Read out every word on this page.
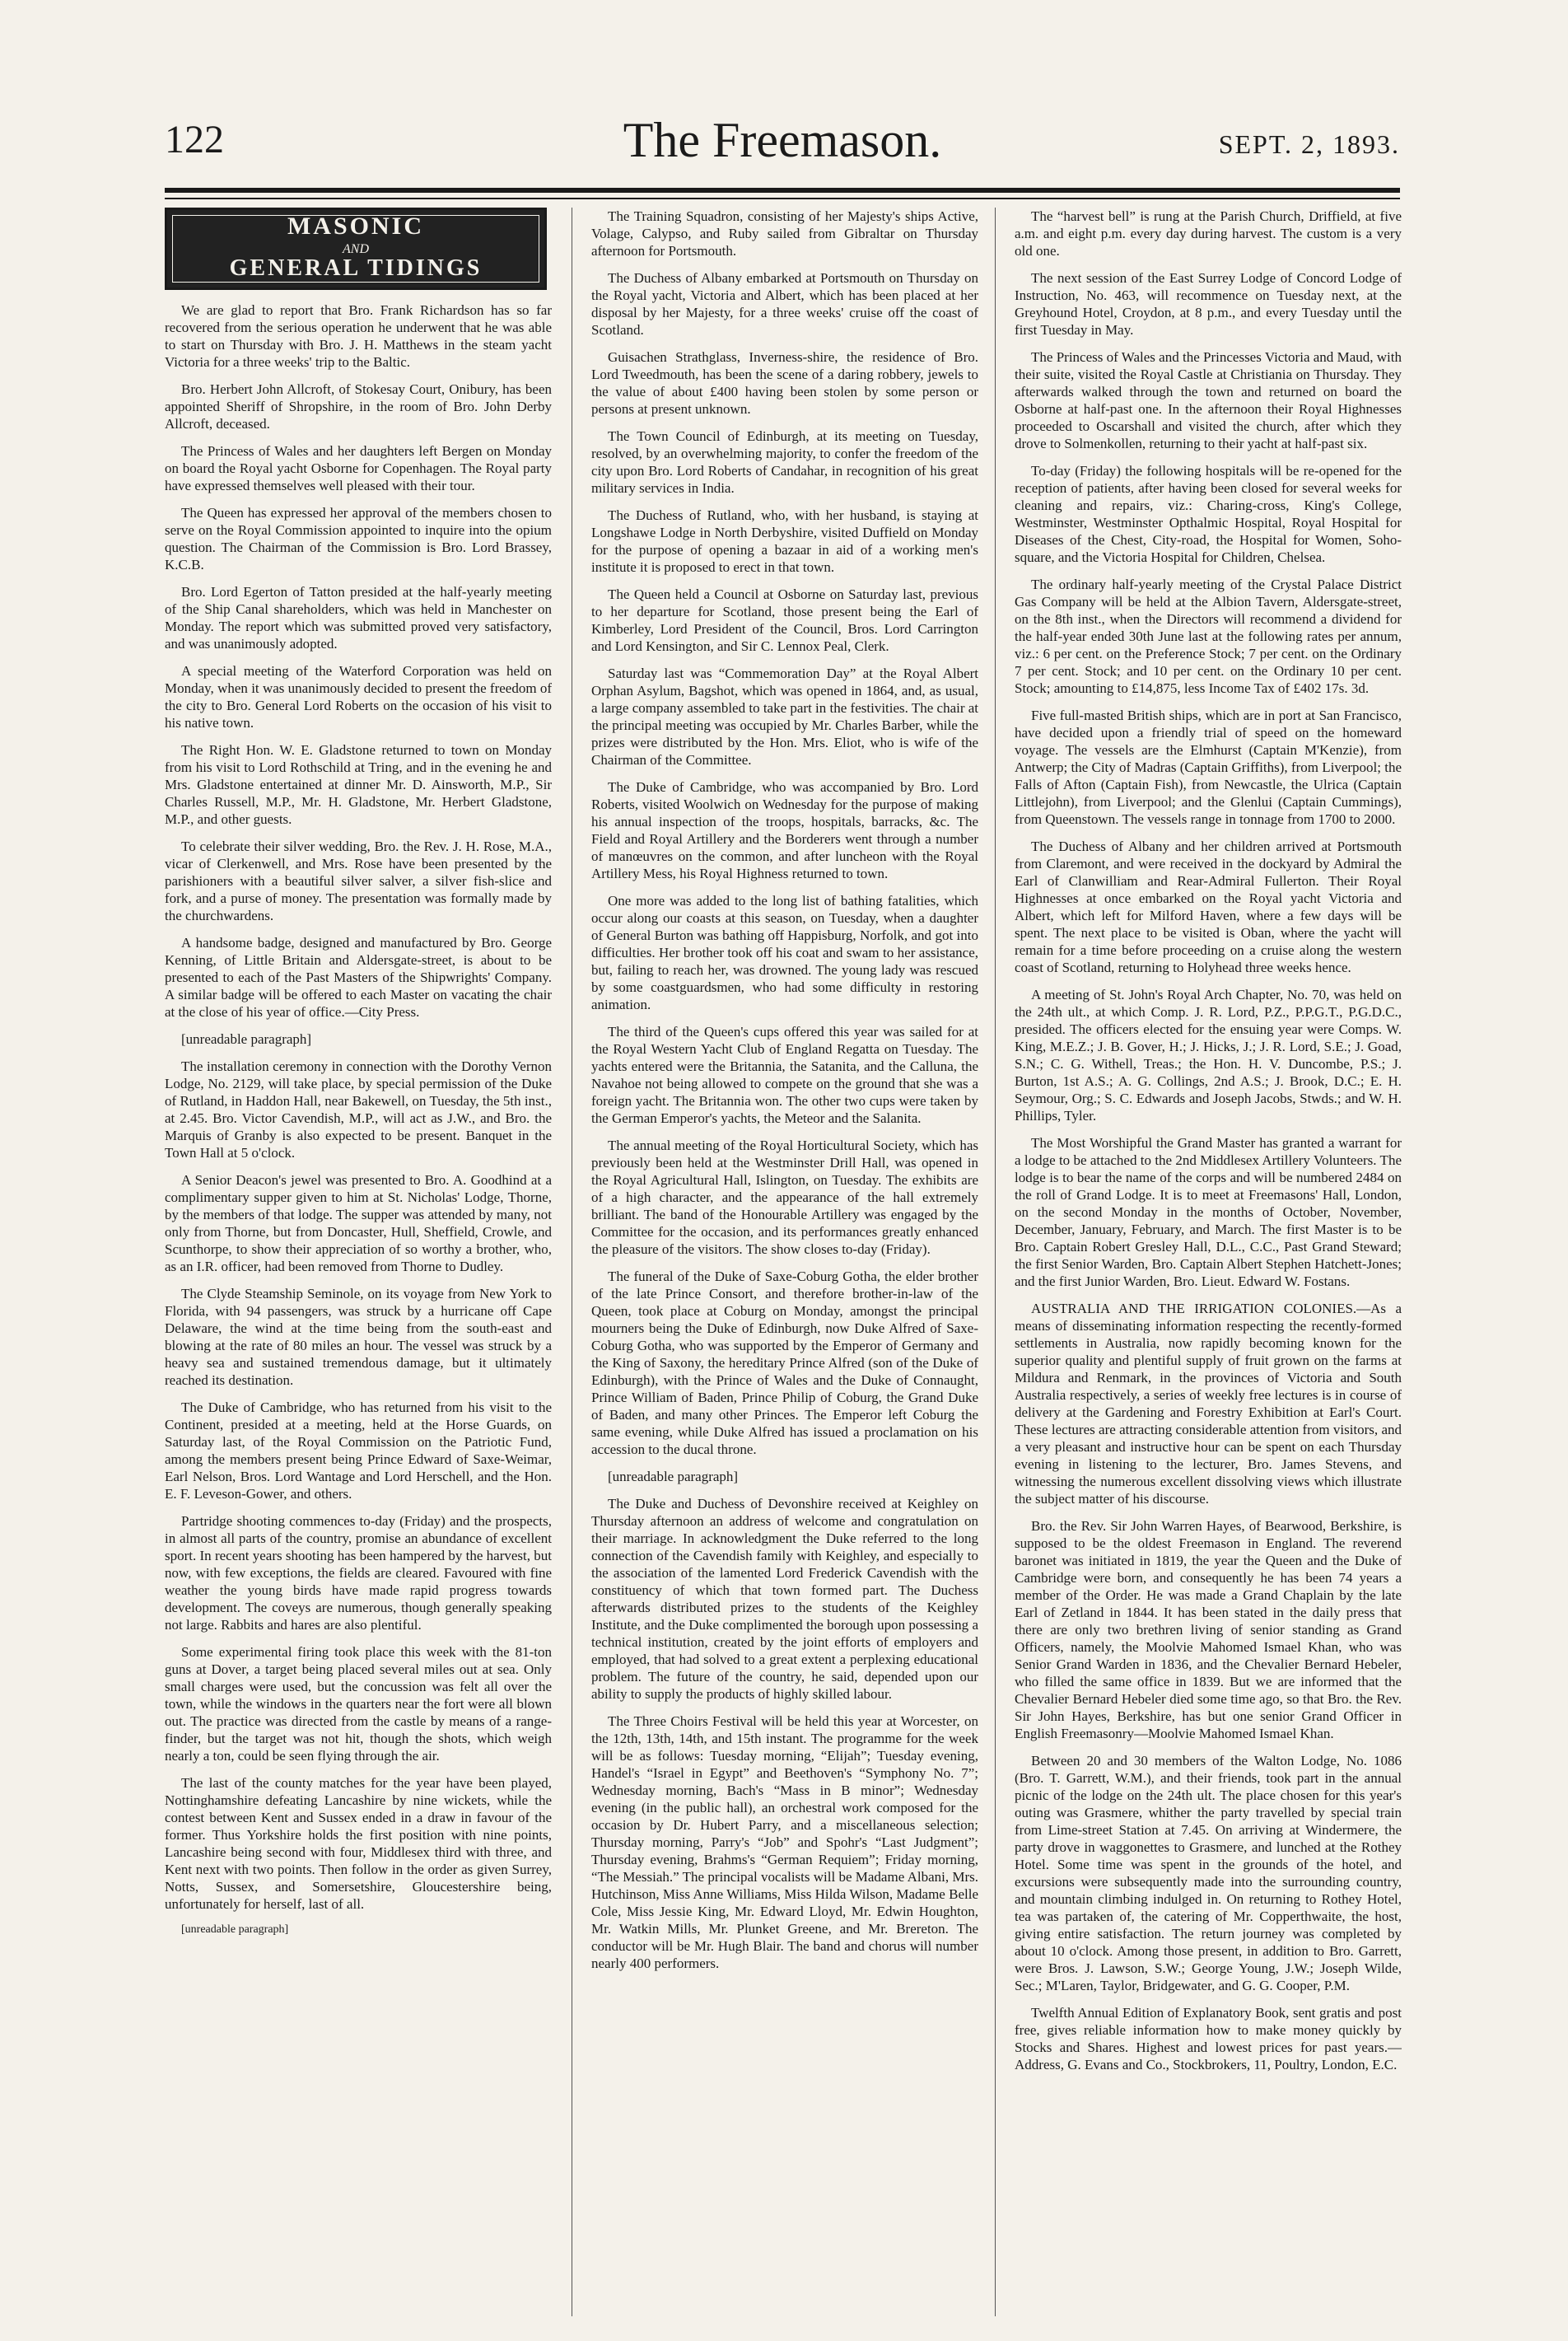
122	The Freemason.	SEPT. 2, 1893.
MASONIC
AND
GENERAL TIDINGS

We are glad to report that Bro. Frank Richardson has so far recovered from the serious operation he underwent that he was able to start on Thursday with Bro. J. H. Matthews in the steam yacht Victoria for a three weeks' trip to the Baltic.

Bro. Herbert John Allcroft, of Stokesay Court, Onibury, has been appointed Sheriff of Shropshire, in the room of Bro. John Derby Allcroft, deceased.

The Princess of Wales and her daughters left Bergen on Monday on board the Royal yacht Osborne for Copenhagen. The Royal party have expressed themselves well pleased with their tour.

The Queen has expressed her approval of the members chosen to serve on the Royal Commission appointed to inquire into the opium question. The Chairman of the Commission is Bro. Lord Brassey, K.C.B.

Bro. Lord Egerton of Tatton presided at the half-yearly meeting of the Ship Canal shareholders, which was held in Manchester on Monday. The report which was submitted proved very satisfactory, and was unanimously adopted.

A special meeting of the Waterford Corporation was held on Monday, when it was unanimously decided to present the freedom of the city to Bro. General Lord Roberts on the occasion of his visit to his native town.

The Right Hon. W. E. Gladstone returned to town on Monday from his visit to Lord Rothschild at Tring, and in the evening he and Mrs. Gladstone entertained at dinner Mr. D. Ainsworth, M.P., Sir Charles Russell, M.P., Mr. H. Gladstone, Mr. Herbert Gladstone, M.P., and other guests.

To celebrate their silver wedding, Bro. the Rev. J. H. Rose, M.A., vicar of Clerkenwell, and Mrs. Rose have been presented by the parishioners with a beautiful silver salver, a silver fish-slice and fork, and a purse of money. The presentation was formally made by the churchwardens.

A handsome badge, designed and manufactured by Bro. George Kenning, of Little Britain and Aldersgate-street, is about to be presented to each of the Past Masters of the Shipwrights' Company. A similar badge will be offered to each Master on vacating the chair at the close of his year of office.—City Press.

[unreadable paragraph]

The installation ceremony in connection with the Dorothy Vernon Lodge, No. 2129, will take place, by special permission of the Duke of Rutland, in Haddon Hall, near Bakewell, on Tuesday, the 5th inst., at 2.45. Bro. Victor Cavendish, M.P., will act as J.W., and Bro. the Marquis of Granby is also expected to be present. Banquet in the Town Hall at 5 o'clock.

A Senior Deacon's jewel was presented to Bro. A. Goodhind at a complimentary supper given to him at St. Nicholas' Lodge, Thorne, by the members of that lodge. The supper was attended by many, not only from Thorne, but from Doncaster, Hull, Sheffield, Crowle, and Scunthorpe, to show their appreciation of so worthy a brother, who, as an I.R. officer, had been removed from Thorne to Dudley.

The Clyde Steamship Seminole, on its voyage from New York to Florida, with 94 passengers, was struck by a hurricane off Cape Delaware, the wind at the time being from the south-east and blowing at the rate of 80 miles an hour. The vessel was struck by a heavy sea and sustained tremendous damage, but it ultimately reached its destination.

The Duke of Cambridge, who has returned from his visit to the Continent, presided at a meeting, held at the Horse Guards, on Saturday last, of the Royal Commission on the Patriotic Fund, among the members present being Prince Edward of Saxe-Weimar, Earl Nelson, Bros. Lord Wantage and Lord Herschell, and the Hon. E. F. Leveson-Gower, and others.

Partridge shooting commences to-day (Friday) and the prospects, in almost all parts of the country, promise an abundance of excellent sport. In recent years shooting has been hampered by the harvest, but now, with few exceptions, the fields are cleared. Favoured with fine weather the young birds have made rapid progress towards development. The coveys are numerous, though generally speaking not large. Rabbits and hares are also plentiful.

Some experimental firing took place this week with the 81-ton guns at Dover, a target being placed several miles out at sea. Only small charges were used, but the concussion was felt all over the town, while the windows in the quarters near the fort were all blown out. The practice was directed from the castle by means of a range-finder, but the target was not hit, though the shots, which weigh nearly a ton, could be seen flying through the air.

The last of the county matches for the year have been played, Nottinghamshire defeating Lancashire by nine wickets, while the contest between Kent and Sussex ended in a draw in favour of the former. Thus Yorkshire holds the first position with nine points, Lancashire being second with four, Middlesex third with three, and Kent next with two points. Then follow in the order as given Surrey, Notts, Sussex, and Somersetshire, Gloucestershire being, unfortunately for herself, last of all.

[unreadable paragraph]

The Training Squadron, consisting of her Majesty's ships Active, Volage, Calypso, and Ruby sailed from Gibraltar on Thursday afternoon for Portsmouth.

The Duchess of Albany embarked at Portsmouth on Thursday on the Royal yacht, Victoria and Albert, which has been placed at her disposal by her Majesty, for a three weeks' cruise off the coast of Scotland.

Guisachen Strathglass, Inverness-shire, the residence of Bro. Lord Tweedmouth, has been the scene of a daring robbery, jewels to the value of about £400 having been stolen by some person or persons at present unknown.

The Town Council of Edinburgh, at its meeting on Tuesday, resolved, by an overwhelming majority, to confer the freedom of the city upon Bro. Lord Roberts of Candahar, in recognition of his great military services in India.

The Duchess of Rutland, who, with her husband, is staying at Longshawe Lodge in North Derbyshire, visited Duffield on Monday for the purpose of opening a bazaar in aid of a working men's institute it is proposed to erect in that town.

The Queen held a Council at Osborne on Saturday last, previous to her departure for Scotland, those present being the Earl of Kimberley, Lord President of the Council, Bros. Lord Carrington and Lord Kensington, and Sir C. Lennox Peal, Clerk.

Saturday last was “Commemoration Day” at the Royal Albert Orphan Asylum, Bagshot, which was opened in 1864, and, as usual, a large company assembled to take part in the festivities. The chair at the principal meeting was occupied by Mr. Charles Barber, while the prizes were distributed by the Hon. Mrs. Eliot, who is wife of the Chairman of the Committee.

The Duke of Cambridge, who was accompanied by Bro. Lord Roberts, visited Woolwich on Wednesday for the purpose of making his annual inspection of the troops, hospitals, barracks, &c. The Field and Royal Artillery and the Borderers went through a number of manœuvres on the common, and after luncheon with the Royal Artillery Mess, his Royal Highness returned to town.

One more was added to the long list of bathing fatalities, which occur along our coasts at this season, on Tuesday, when a daughter of General Burton was bathing off Happisburg, Norfolk, and got into difficulties. Her brother took off his coat and swam to her assistance, but, failing to reach her, was drowned. The young lady was rescued by some coastguardsmen, who had some difficulty in restoring animation.

The third of the Queen's cups offered this year was sailed for at the Royal Western Yacht Club of England Regatta on Tuesday. The yachts entered were the Britannia, the Satanita, and the Calluna, the Navahoe not being allowed to compete on the ground that she was a foreign yacht. The Britannia won. The other two cups were taken by the German Emperor's yachts, the Meteor and the Salanita.

The annual meeting of the Royal Horticultural Society, which has previously been held at the Westminster Drill Hall, was opened in the Royal Agricultural Hall, Islington, on Tuesday. The exhibits are of a high character, and the appearance of the hall extremely brilliant. The band of the Honourable Artillery was engaged by the Committee for the occasion, and its performances greatly enhanced the pleasure of the visitors. The show closes to-day (Friday).

The funeral of the Duke of Saxe-Coburg Gotha, the elder brother of the late Prince Consort, and therefore brother-in-law of the Queen, took place at Coburg on Monday, amongst the principal mourners being the Duke of Edinburgh, now Duke Alfred of Saxe-Coburg Gotha, who was supported by the Emperor of Germany and the King of Saxony, the hereditary Prince Alfred (son of the Duke of Edinburgh), with the Prince of Wales and the Duke of Connaught, Prince William of Baden, Prince Philip of Coburg, the Grand Duke of Baden, and many other Princes. The Emperor left Coburg the same evening, while Duke Alfred has issued a proclamation on his accession to the ducal throne.

[unreadable paragraph]

The Duke and Duchess of Devonshire received at Keighley on Thursday afternoon an address of welcome and congratulation on their marriage. In acknowledgment the Duke referred to the long connection of the Cavendish family with Keighley, and especially to the association of the lamented Lord Frederick Cavendish with the constituency of which that town formed part. The Duchess afterwards distributed prizes to the students of the Keighley Institute, and the Duke complimented the borough upon possessing a technical institution, created by the joint efforts of employers and employed, that had solved to a great extent a perplexing educational problem. The future of the country, he said, depended upon our ability to supply the products of highly skilled labour.

The Three Choirs Festival will be held this year at Worcester, on the 12th, 13th, 14th, and 15th instant. The programme for the week will be as follows: Tuesday morning, “Elijah”; Tuesday evening, Handel's “Israel in Egypt” and Beethoven's “Symphony No. 7”; Wednesday morning, Bach's “Mass in B minor”; Wednesday evening (in the public hall), an orchestral work composed for the occasion by Dr. Hubert Parry, and a miscellaneous selection; Thursday morning, Parry's “Job” and Spohr's “Last Judgment”; Thursday evening, Brahms's “German Requiem”; Friday morning, “The Messiah.” The principal vocalists will be Madame Albani, Mrs. Hutchinson, Miss Anne Williams, Miss Hilda Wilson, Madame Belle Cole, Miss Jessie King, Mr. Edward Lloyd, Mr. Edwin Houghton, Mr. Watkin Mills, Mr. Plunket Greene, and Mr. Brereton. The conductor will be Mr. Hugh Blair. The band and chorus will number nearly 400 performers.

The “harvest bell” is rung at the Parish Church, Driffield, at five a.m. and eight p.m. every day during harvest. The custom is a very old one.

The next session of the East Surrey Lodge of Concord Lodge of Instruction, No. 463, will recommence on Tuesday next, at the Greyhound Hotel, Croydon, at 8 p.m., and every Tuesday until the first Tuesday in May.

The Princess of Wales and the Princesses Victoria and Maud, with their suite, visited the Royal Castle at Christiania on Thursday. They afterwards walked through the town and returned on board the Osborne at half-past one. In the afternoon their Royal Highnesses proceeded to Oscarshall and visited the church, after which they drove to Solmenkollen, returning to their yacht at half-past six.

To-day (Friday) the following hospitals will be re-opened for the reception of patients, after having been closed for several weeks for cleaning and repairs, viz.: Charing-cross, King's College, Westminster, Westminster Opthalmic Hospital, Royal Hospital for Diseases of the Chest, City-road, the Hospital for Women, Soho-square, and the Victoria Hospital for Children, Chelsea.

The ordinary half-yearly meeting of the Crystal Palace District Gas Company will be held at the Albion Tavern, Aldersgate-street, on the 8th inst., when the Directors will recommend a dividend for the half-year ended 30th June last at the following rates per annum, viz.: 6 per cent. on the Preference Stock; 7 per cent. on the Ordinary 7 per cent. Stock; and 10 per cent. on the Ordinary 10 per cent. Stock; amounting to £14,875, less Income Tax of £402 17s. 3d.

Five full-masted British ships, which are in port at San Francisco, have decided upon a friendly trial of speed on the homeward voyage. The vessels are the Elmhurst (Captain M'Kenzie), from Antwerp; the City of Madras (Captain Griffiths), from Liverpool; the Falls of Afton (Captain Fish), from Newcastle, the Ulrica (Captain Littlejohn), from Liverpool; and the Glenlui (Captain Cummings), from Queenstown. The vessels range in tonnage from 1700 to 2000.

The Duchess of Albany and her children arrived at Portsmouth from Claremont, and were received in the dockyard by Admiral the Earl of Clanwilliam and Rear-Admiral Fullerton. Their Royal Highnesses at once embarked on the Royal yacht Victoria and Albert, which left for Milford Haven, where a few days will be spent. The next place to be visited is Oban, where the yacht will remain for a time before proceeding on a cruise along the western coast of Scotland, returning to Holyhead three weeks hence.

A meeting of St. John's Royal Arch Chapter, No. 70, was held on the 24th ult., at which Comp. J. R. Lord, P.Z., P.P.G.T., P.G.D.C., presided. The officers elected for the ensuing year were Comps. W. King, M.E.Z.; J. B. Gover, H.; J. Hicks, J.; J. R. Lord, S.E.; J. Goad, S.N.; C. G. Withell, Treas.; the Hon. H. V. Duncombe, P.S.; J. Burton, 1st A.S.; A. G. Collings, 2nd A.S.; J. Brook, D.C.; E. H. Seymour, Org.; S. C. Edwards and Joseph Jacobs, Stwds.; and W. H. Phillips, Tyler.

The Most Worshipful the Grand Master has granted a warrant for a lodge to be attached to the 2nd Middlesex Artillery Volunteers. The lodge is to bear the name of the corps and will be numbered 2484 on the roll of Grand Lodge. It is to meet at Freemasons' Hall, London, on the second Monday in the months of October, November, December, January, February, and March. The first Master is to be Bro. Captain Robert Gresley Hall, D.L., C.C., Past Grand Steward; the first Senior Warden, Bro. Captain Albert Stephen Hatchett-Jones; and the first Junior Warden, Bro. Lieut. Edward W. Fostans.

AUSTRALIA AND THE IRRIGATION COLONIES.—As a means of disseminating information respecting the recently-formed settlements in Australia, now rapidly becoming known for the superior quality and plentiful supply of fruit grown on the farms at Mildura and Renmark, in the provinces of Victoria and South Australia respectively, a series of weekly free lectures is in course of delivery at the Gardening and Forestry Exhibition at Earl's Court. These lectures are attracting considerable attention from visitors, and a very pleasant and instructive hour can be spent on each Thursday evening in listening to the lecturer, Bro. James Stevens, and witnessing the numerous excellent dissolving views which illustrate the subject matter of his discourse.

Bro. the Rev. Sir John Warren Hayes, of Bearwood, Berkshire, is supposed to be the oldest Freemason in England. The reverend baronet was initiated in 1819, the year the Queen and the Duke of Cambridge were born, and consequently he has been 74 years a member of the Order. He was made a Grand Chaplain by the late Earl of Zetland in 1844. It has been stated in the daily press that there are only two brethren living of senior standing as Grand Officers, namely, the Moolvie Mahomed Ismael Khan, who was Senior Grand Warden in 1836, and the Chevalier Bernard Hebeler, who filled the same office in 1839. But we are informed that the Chevalier Bernard Hebeler died some time ago, so that Bro. the Rev. Sir John Hayes, Berkshire, has but one senior Grand Officer in English Freemasonry—Moolvie Mahomed Ismael Khan.

Between 20 and 30 members of the Walton Lodge, No. 1086 (Bro. T. Garrett, W.M.), and their friends, took part in the annual picnic of the lodge on the 24th ult. The place chosen for this year's outing was Grasmere, whither the party travelled by special train from Lime-street Station at 7.45. On arriving at Windermere, the party drove in waggonettes to Grasmere, and lunched at the Rothey Hotel. Some time was spent in the grounds of the hotel, and excursions were subsequently made into the surrounding country, and mountain climbing indulged in. On returning to Rothey Hotel, tea was partaken of, the catering of Mr. Copperthwaite, the host, giving entire satisfaction. The return journey was completed by about 10 o'clock. Among those present, in addition to Bro. Garrett, were Bros. J. Lawson, S.W.; George Young, J.W.; Joseph Wilde, Sec.; M'Laren, Taylor, Bridgewater, and G. G. Cooper, P.M.

Twelfth Annual Edition of Explanatory Book, sent gratis and post free, gives reliable information how to make money quickly by Stocks and Shares. Highest and lowest prices for past years.—Address, G. Evans and Co., Stockbrokers, 11, Poultry, London, E.C.
